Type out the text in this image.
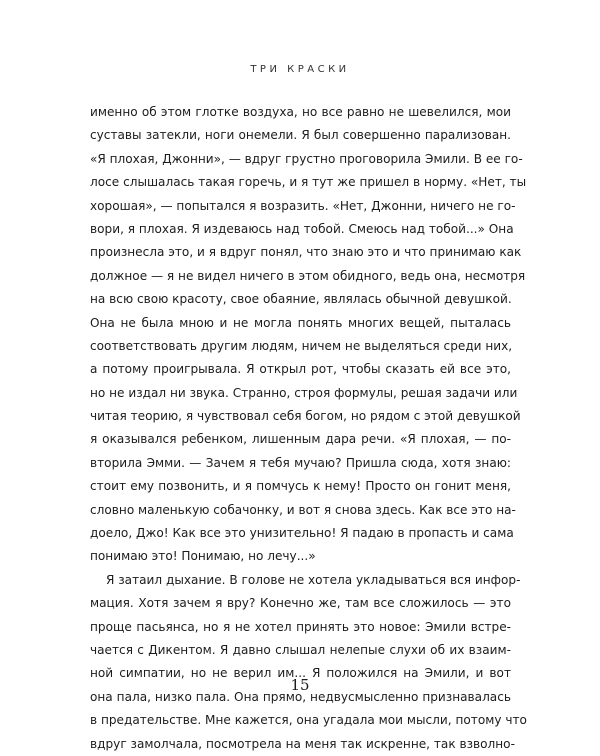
ТРИ КРАСКИ
именно об этом глотке воздуха, но все равно не шевелился, мои
суставы затекли, ноги онемели. Я был совершенно парализован.
«Я плохая, Джонни», — вдруг грустно проговорила Эмили. В ее го-
лосе слышалась такая горечь, и я тут же пришел в норму. «Нет, ты
хорошая», — попытался я возразить. «Нет, Джонни, ничего не го-
вори, я плохая. Я издеваюсь над тобой. Смеюсь над тобой...» Она
произнесла это, и я вдруг понял, что знаю это и что принимаю как
должное — я не видел ничего в этом обидного, ведь она, несмотря
на всю свою красоту, свое обаяние, являлась обычной девушкой.
Она не была мною и не могла понять многих вещей, пыталась
соответствовать другим людям, ничем не выделяться среди них,
а потому проигрывала. Я открыл рот, чтобы сказать ей все это,
но не издал ни звука. Странно, строя формулы, решая задачи или
читая теорию, я чувствовал себя богом, но рядом с этой девушкой
я оказывался ребенком, лишенным дара речи. «Я плохая, — по-
вторила Эмми. — Зачем я тебя мучаю? Пришла сюда, хотя знаю:
стоит ему позвонить, и я помчусь к нему! Просто он гонит меня,
словно маленькую собачонку, и вот я снова здесь. Как все это на-
доело, Джо! Как все это унизительно! Я падаю в пропасть и сама
понимаю это! Понимаю, но лечу...»
Я затаил дыхание. В голове не хотела укладываться вся инфор-
мация. Хотя зачем я вру? Конечно же, там все сложилось — это
проще пасьянса, но я не хотел принять это новое: Эмили встре-
чается с Дикентом. Я давно слышал нелепые слухи об их взаим-
ной симпатии, но не верил им... Я положился на Эмили, и вот
она пала, низко пала. Она прямо, недвусмысленно признавалась
в предательстве. Мне кажется, она угадала мои мысли, потому что
вдруг замолчала, посмотрела на меня так искренне, так взволно-
15
